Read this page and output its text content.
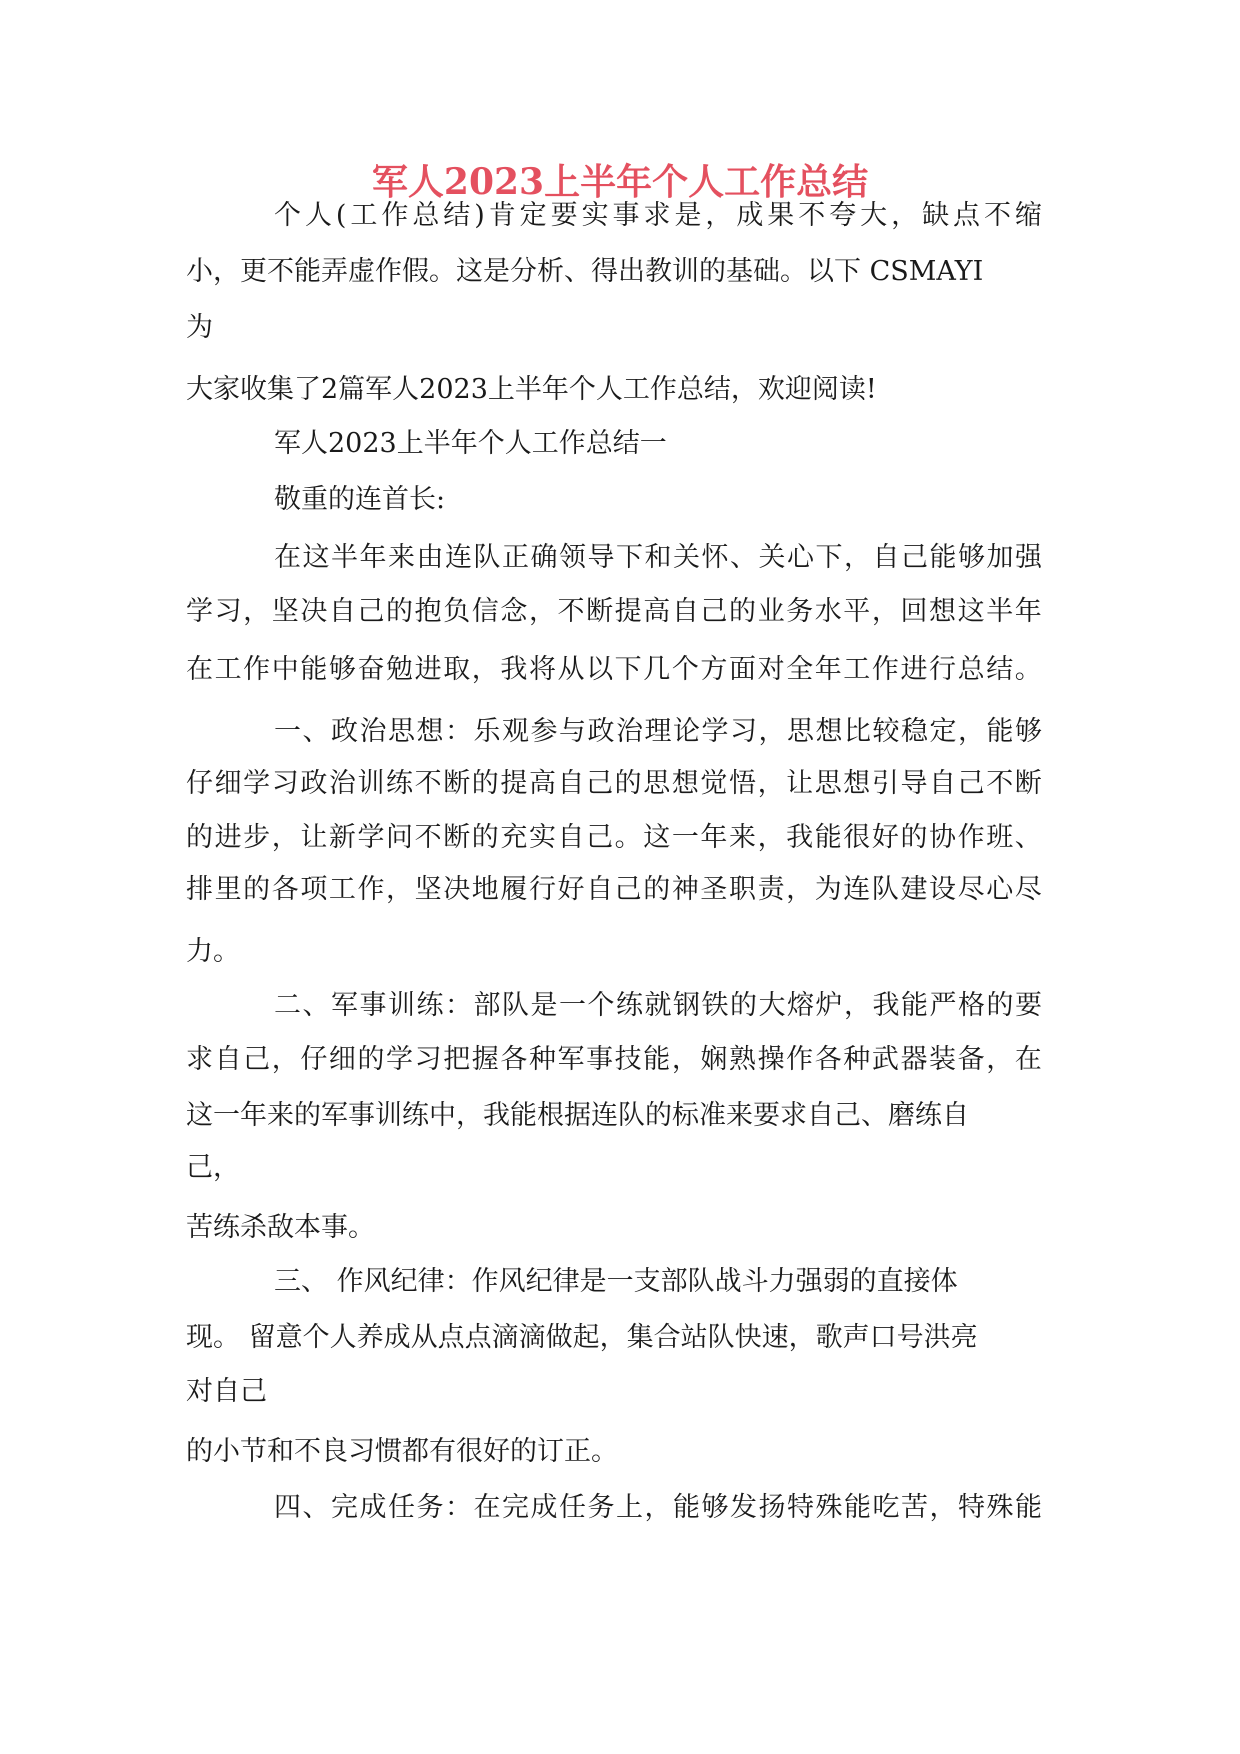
军人2023上半年个人工作总结
个 人 ( 工 作 总 结 ) 肯 定 要 实 事 求 是 ， 成 果 不 夸 大 ， 缺 点 不 缩
小，更不能弄虚作假。这是分析、得出教训的基础。以下 CSMAYI
为
大家收集了2篇军人2023上半年个人工作总结，欢迎阅读!
军人2023上半年个人工作总结一
敬重的连首长:
在 这 半 年 来 由 连 队 正 确 领 导 下 和 关 怀 、 关 心 下 ， 自 己 能 够 加 强
学 习 ， 坚 决 自 己 的 抱 负 信 念 ， 不 断 提 高 自 己 的 业 务 水 平 ， 回 想 这 半 年
在 工 作 中 能 够 奋 勉 进 取 ， 我 将 从 以 下 几 个 方 面 对 全 年 工 作 进 行 总 结 。
一 、 政 治 思 想 ： 乐 观 参 与 政 治 理 论 学 习 ， 思 想 比 较 稳 定 ， 能 够
仔 细 学 习 政 治 训 练 不 断 的 提 高 自 己 的 思 想 觉 悟 ， 让 思 想 引 导 自 己 不 断
的 进 步 ， 让 新 学 问 不 断 的 充 实 自 己 。 这 一 年 来 ， 我 能 很 好 的 协 作 班 、
排 里 的 各 项 工 作 ， 坚 决 地 履 行 好 自 己 的 神 圣 职 责 ， 为 连 队 建 设 尽 心 尽
力。
二 、 军 事 训 练 ： 部 队 是 一 个 练 就 钢 铁 的 大 熔 炉 ， 我 能 严 格 的 要
求 自 己 ， 仔 细 的 学 习 把 握 各 种 军 事 技 能 ， 娴 熟 操 作 各 种 武 器 装 备 ， 在
这一年来的军事训练中，我能根据连队的标准来要求自己、磨练自
己，
苦练杀敌本事。
三、 作风纪律：作风纪律是一支部队战斗力强弱的直接体
现。 留意个人养成从点点滴滴做起，集合站队快速，歌声口号洪亮
对自己
的小节和不良习惯都有很好的订正。
四 、 完 成 任 务 ： 在 完 成 任 务 上 ， 能 够 发 扬 特 殊 能 吃 苦 ， 特 殊 能
